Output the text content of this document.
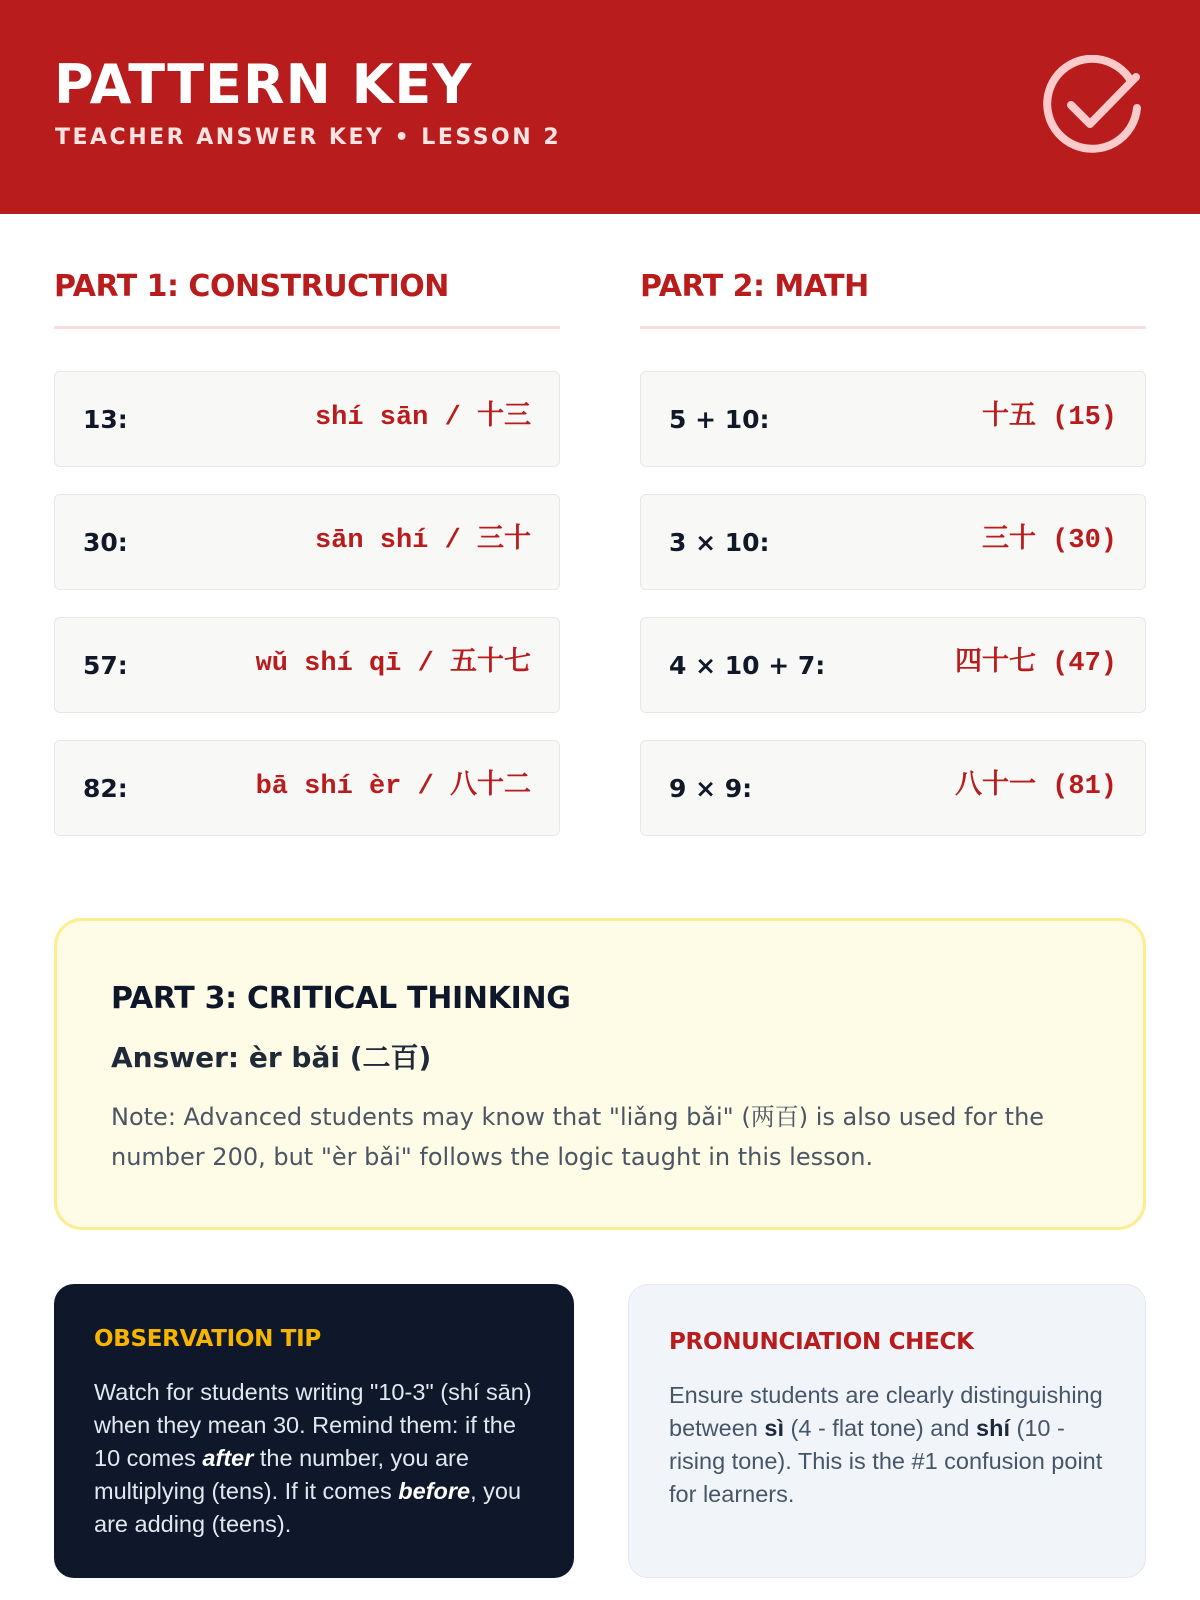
PATTERN KEY
TEACHER ANSWER KEY • LESSON 2
PART 1: CONSTRUCTION
13:	shí sān / 十三
30:	sān shí / 三十
57:	wǔ shí qī / 五十七
82:	bā shí èr / 八十二
PART 2: MATH
5 + 10:	十五 (15)
3 × 10:	三十 (30)
4 × 10 + 7:	四十七 (47)
9 × 9:	八十一 (81)
PART 3: CRITICAL THINKING
Answer: èr bǎi (二百)
Note: Advanced students may know that "liǎng bǎi" (两百) is also used for the number 200, but "èr bǎi" follows the logic taught in this lesson.
OBSERVATION TIP
Watch for students writing "10-3" (shí sān) when they mean 30. Remind them: if the 10 comes after the number, you are multiplying (tens). If it comes before, you are adding (teens).
PRONUNCIATION CHECK
Ensure students are clearly distinguishing between sì (4 - flat tone) and shí (10 - rising tone). This is the #1 confusion point for learners.
